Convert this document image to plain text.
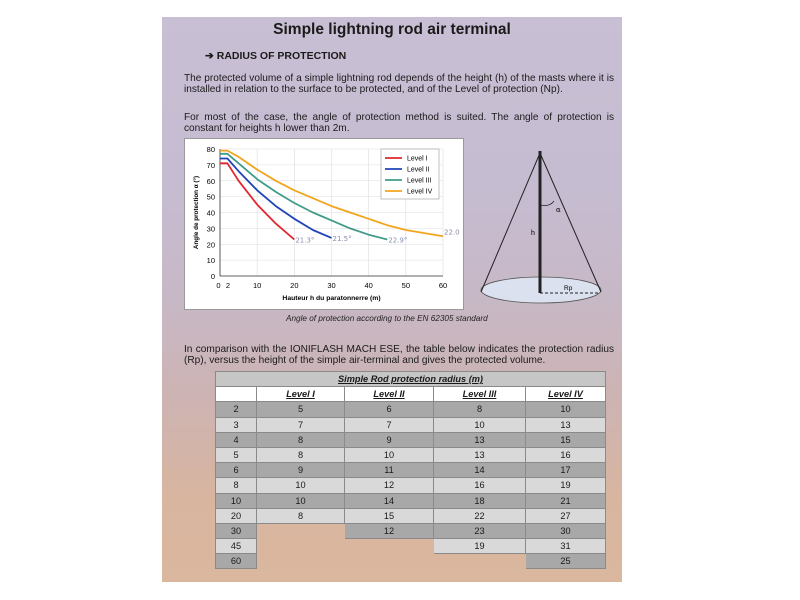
Simple lightning rod air terminal
➔ RADIUS OF PROTECTION
The protected volume of a simple lightning rod depends of the height (h) of the masts where it is installed in relation to the surface to be protected, and of the Level of protection (Np).
For most of the case, the angle of protection method is suited. The angle of protection is constant for heights h lower than 2m.
0
10
20
30
40
50
60
70
80
0 2	10	20	30	40	50	60
Hauteur h du paratonnerre (m)
Angle de protection α (°)	21.3°	21.5°	22.9°
22.0
Level I
Level II
Level III
Level IV
α
h
Rp
Angle of protection according to the EN 62305 standard
In comparison with the IONIFLASH MACH ESE, the table below indicates the protection radius (Rp), versus the height of the simple air-terminal and gives the protected volume.
Simple Rod protection radius (m)				
	Level I	Level II	Level III	Level IV
2	5	6	8	10
3	7	7	10	13
4	8	9	13	15
5	8	10	13	16
6	9	11	14	17
8	10	12	16	19
10	10	14	18	21
20	8	15	22	27
30		12	23	30
45			19	31
60				25
